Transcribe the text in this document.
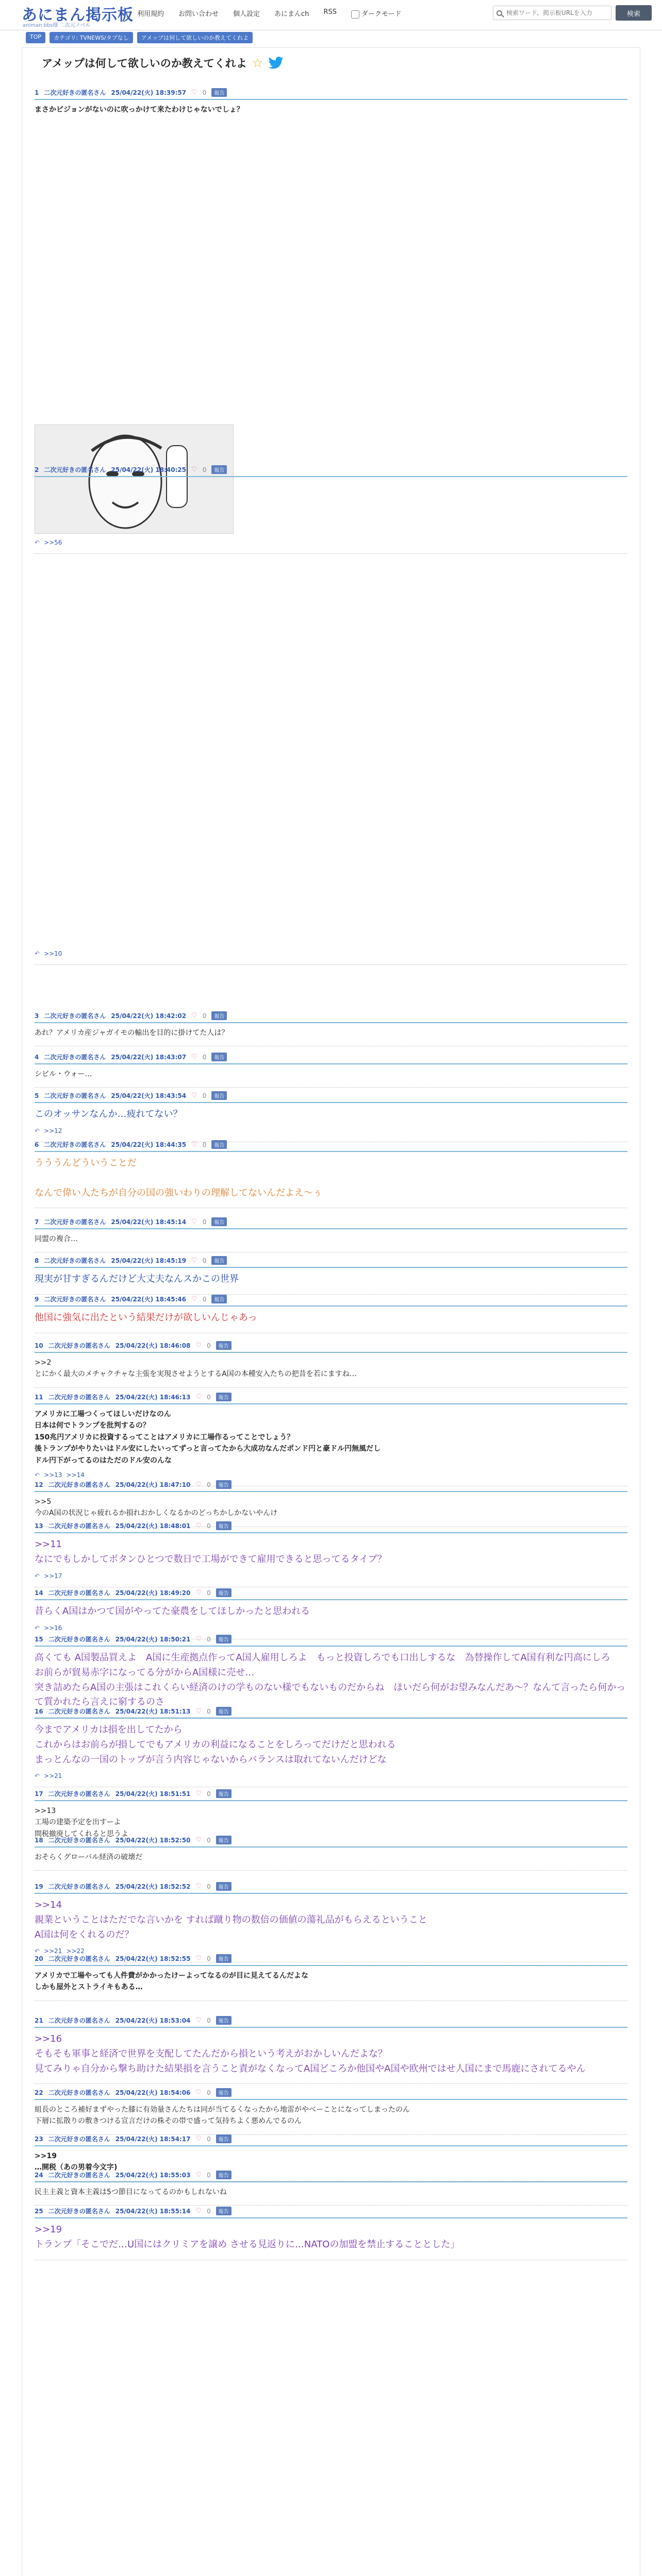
あにまん掲示板
animan bbs様 二次元ノベル
利用規約 お問い合わせ 個人設定 あにまんch RSS	ダークモード
検索ワード、掲示板URLを入力	検索
TOP	カテゴリ: TVNEWS/タブなし	アメップは何して欲しいのか教えてくれよ
アメップは何して欲しいのか教えてくれよ ☆
1 二次元好きの匿名さん 25/04/22(火) 18:39:57 ♡ 0	報告
まさかビジョンがないのに吹っかけて来たわけじゃないでしょ？
↶ >>56
2 二次元好きの匿名さん 25/04/22(火) 18:40:25 ♡ 0	報告
↶ >>10
3 二次元好きの匿名さん 25/04/22(火) 18:42:02 ♡ 0	報告
あれ？アメリカ産ジャガイモの輸出を目的に掛けてた人は？
4 二次元好きの匿名さん 25/04/22(火) 18:43:07 ♡ 0	報告
シビル・ウォー…
5 二次元好きの匿名さん 25/04/22(火) 18:43:54 ♡ 0	報告
このオッサンなんか…疲れてない？
↶ >>12
6 二次元好きの匿名さん 25/04/22(火) 18:44:35 ♡ 0	報告
うううんどういうことだ

なんで偉い人たちが自分の国の強いわりの理解してないんだよえ～ぅ
7 二次元好きの匿名さん 25/04/22(火) 18:45:14 ♡ 0	報告
同盟の複合…
8 二次元好きの匿名さん 25/04/22(火) 18:45:19 ♡ 0	報告
現実が甘すぎるんだけど大丈夫なんスかこの世界
9 二次元好きの匿名さん 25/04/22(火) 18:45:46 ♡ 0	報告
他国に強気に出たという結果だけが欲しいんじゃあっ
10 二次元好きの匿名さん 25/04/22(火) 18:46:08 ♡ 0	報告
>>2
とにかく最大のメチャクチャな主張を実現させようとするA国の本種安入たちの把昔を若にますね…
11 二次元好きの匿名さん 25/04/22(火) 18:46:13 ♡ 0	報告
アメリカに工場つくってほしいだけなのん
日本は何でトランプを批判するの？
150兆円アメリカに投資するってことはアメリカに工場作るってことでしょう？
後トランプがやりたいはドル安にしたいってずっと言ってたから大成功なんだポンド円と豪ドル円無風だし
ドル円下がってるのはただのドル安のんな
↶ >>13 >>14
12 二次元好きの匿名さん 25/04/22(火) 18:47:10 ♡ 0	報告
>>5
今のA国の状況じゃ疲れるか損れおかしくなるかのどっちかしかないやんけ
13 二次元好きの匿名さん 25/04/22(火) 18:48:01 ♡ 0	報告
>>11
なにでもしかしてボタンひとつで数日で工場ができて雇用できると思ってるタイプ？
↶ >>17
14 二次元好きの匿名さん 25/04/22(火) 18:49:20 ♡ 0	報告
昔らくA国はかつて国がやってた豪農をしてほしかったと思われる
↶ >>16
15 二次元好きの匿名さん 25/04/22(火) 18:50:21 ♡ 0	報告
高くても A国製品買えよ　A国に生産拠点作ってA国人雇用しろよ　もっと投資しろでも口出しするな　為替操作してA国有利な円高にしろ　お前らが貿易赤字になってる分がからA国様に売せ…
突き詰めたらA国の主張はこれくらい経済のけの学ものない様でもないものだからね　ほいだら何がお望みなんだあ～？なんて言ったら何かって質かれたら言えに窮するのさ
16 二次元好きの匿名さん 25/04/22(火) 18:51:13 ♡ 0	報告
今までアメリカは損を出してたから
これからはお前らが損してでもアメリカの利益になることをしろってだけだと思われる
まっとんなの一国のトップが言う内容じゃないからバランスは取れてないんだけどな
↶ >>21
17 二次元好きの匿名さん 25/04/22(火) 18:51:51 ♡ 0	報告
>>13
工場の建築予定を出すーよ
間税撤廃してくれると思うよ
18 二次元好きの匿名さん 25/04/22(火) 18:52:50 ♡ 0	報告
おそらくグローバル経済の破壊だ
19 二次元好きの匿名さん 25/04/22(火) 18:52:52 ♡ 0	報告
>>14
親業ということはただでな言いかを すれば蹴り物の数倍の価値の蕩礼品がもらえるということ
A国は何をくれるのだ？
↶ >>21 >>22
20 二次元好きの匿名さん 25/04/22(火) 18:52:55 ♡ 0	報告
アメリカで工場やっても人件費がかかったけーよってなるのが目に見えてるんだよな
しかも屋外とストライキもある…
21 二次元好きの匿名さん 25/04/22(火) 18:53:04 ♡ 0	報告
>>16
そもそも軍事と経済で世界を支配してたんだから損という考えがおかしいんだよな？
見てみりゃ自分から撃ち助けた結果損を言うこと責がなくなってA国どころか他国やA国や欧州ではせ人国にまで馬鹿にされてるやん
22 二次元好きの匿名さん 25/04/22(火) 18:54:06 ♡ 0	報告
組長のところ補好まずやった膝に有効量さんたちは同が当てるくなったから地雷がやべーことになってしまったのん
下層に拡散りの敷きつける宣言だけの株その帯で盛って気持ちよく悪めんでるのん
23 二次元好きの匿名さん 25/04/22(火) 18:54:17 ♡ 0	報告
>>19
…開税（あの男着今文字)
24 二次元好きの匿名さん 25/04/22(火) 18:55:03 ♡ 0	報告
民主主義と資本主義は5つ節目になってるのかもしれないね
25 二次元好きの匿名さん 25/04/22(火) 18:55:14 ♡ 0	報告
>>19
トランプ「そこでだ…U国にはクリミアを譲め させる見返りに…NATOの加盟を禁止することとした」
